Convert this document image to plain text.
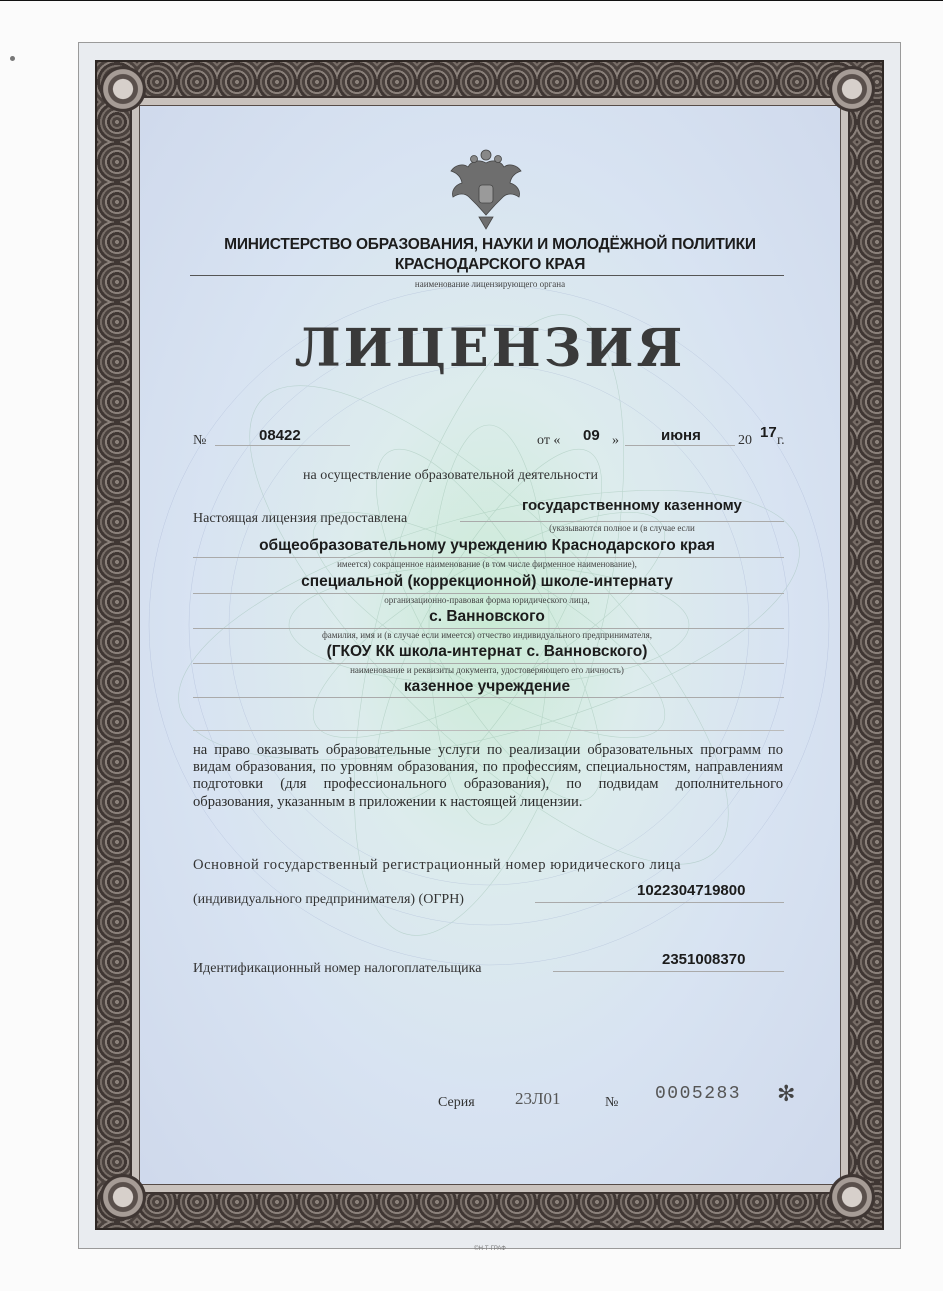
МИНИСТЕРСТВО ОБРАЗОВАНИЯ, НАУКИ И МОЛОДЁЖНОЙ ПОЛИТИКИ
КРАСНОДАРСКОГО КРАЯ
наименование лицензирующего органа
ЛИЦЕНЗИЯ
№	08422	от « 09 »	июня	20 17 г.
на осуществление образовательной деятельности
Настоящая лицензия предоставлена
государственному казенному
(указываются полное и (в случае если
общеобразовательному учреждению Краснодарского края
имеется) сокращенное наименование (в том числе фирменное наименование),
специальной (коррекционной) школе-интернату
организационно-правовая форма юридического лица,
с. Ванновского
фамилия, имя и (в случае если имеется) отчество индивидуального предпринимателя,
(ГКОУ КК школа-интернат с. Ванновского)
наименование и реквизиты документа, удостоверяющего его личность)
казенное учреждение
на право оказывать образовательные услуги по реализации образовательных программ по видам образования, по уровням образования, по профессиям, специальностям, направлениям подготовки (для профессионального образования), по подвидам дополнительного образования, указанным в приложении к настоящей лицензии.
Основной государственный регистрационный номер юридического лица
(индивидуального предпринимателя) (ОГРН)
1022304719800
Идентификационный номер налогоплательщика
2351008370
Серия 23Л01	№ 0005283 ✻
©Н-Т-ГРАФ
